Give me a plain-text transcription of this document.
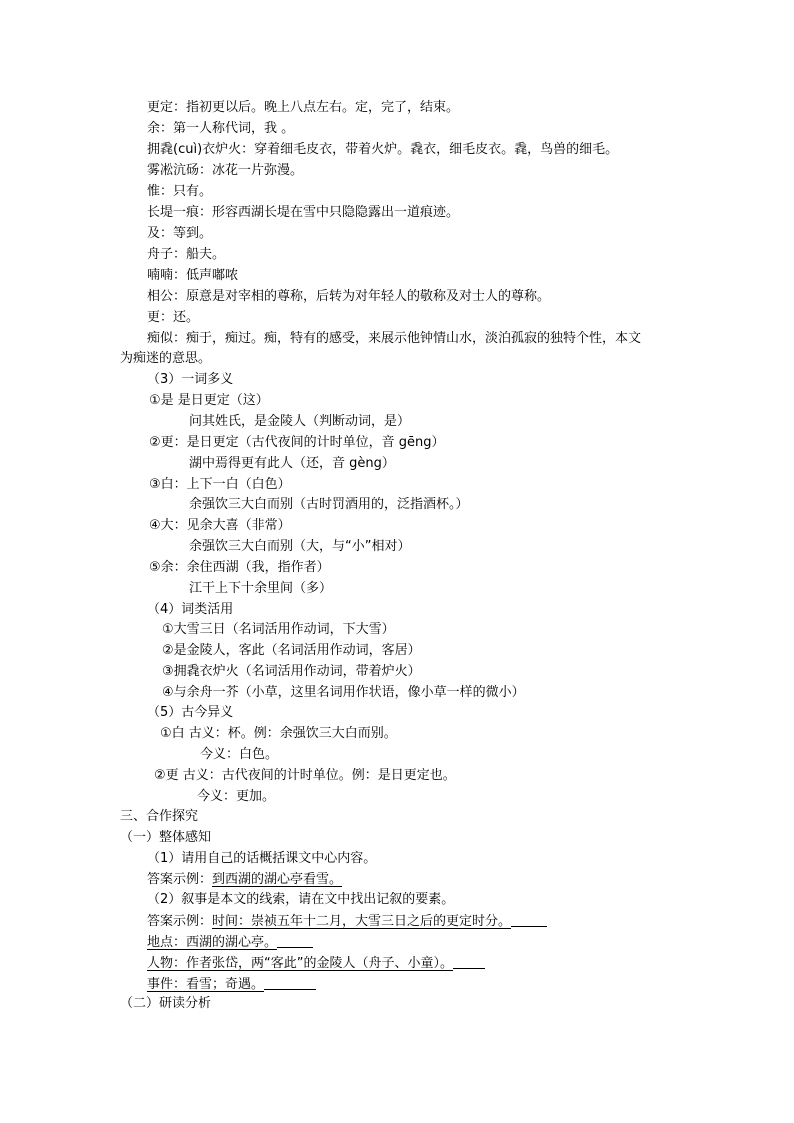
更定：指初更以后。晚上八点左右。定，完了，结束。
余：第一人称代词，我 。
拥毳(cuì)衣炉火：穿着细毛皮衣，带着火炉。毳衣，细毛皮衣。毳，鸟兽的细毛。
雾凇沆砀：冰花一片弥漫。
惟：只有。
长堤一痕：形容西湖长堤在雪中只隐隐露出一道痕迹。
及：等到。
舟子：船夫。
喃喃：低声嘟哝
相公：原意是对宰相的尊称，后转为对年轻人的敬称及对士人的尊称。
更：还。
痴似：痴于，痴过。痴，特有的感受，来展示他钟情山水，淡泊孤寂的独特个性，本文
为痴迷的意思。
（3）一词多义
①是 是日更定（这）
问其姓氏，是金陵人（判断动词，是）
②更：是日更定（古代夜间的计时单位，音 gēng）
湖中焉得更有此人（还，音 gèng）
③白：上下一白（白色）
余强饮三大白而别（古时罚酒用的，泛指酒杯。）
④大：见余大喜（非常）
余强饮三大白而别（大，与“小”相对）
⑤余：余住西湖（我，指作者）
江干上下十余里间（多）
（4）词类活用
①大雪三日（名词活用作动词，下大雪）
②是金陵人，客此（名词活用作动词，客居）
③拥毳衣炉火（名词活用作动词，带着炉火）
④与余舟一芥（小草，这里名词用作状语，像小草一样的微小）
（5）古今异义
①白 古义：杯。例：余强饮三大白而别。
今义：白色。
②更 古义：古代夜间的计时单位。例：是日更定也。
今义：更加。
三、合作探究
（一）整体感知
（1）请用自己的话概括课文中心内容。
答案示例：到西湖的湖心亭看雪。
（2）叙事是本文的线索，请在文中找出记叙的要素。
答案示例：时间：崇祯五年十二月，大雪三日之后的更定时分。
地点：西湖的湖心亭。
人物：作者张岱，两“客此”的金陵人（舟子、小童）。
事件：看雪；奇遇。
（二）研读分析
